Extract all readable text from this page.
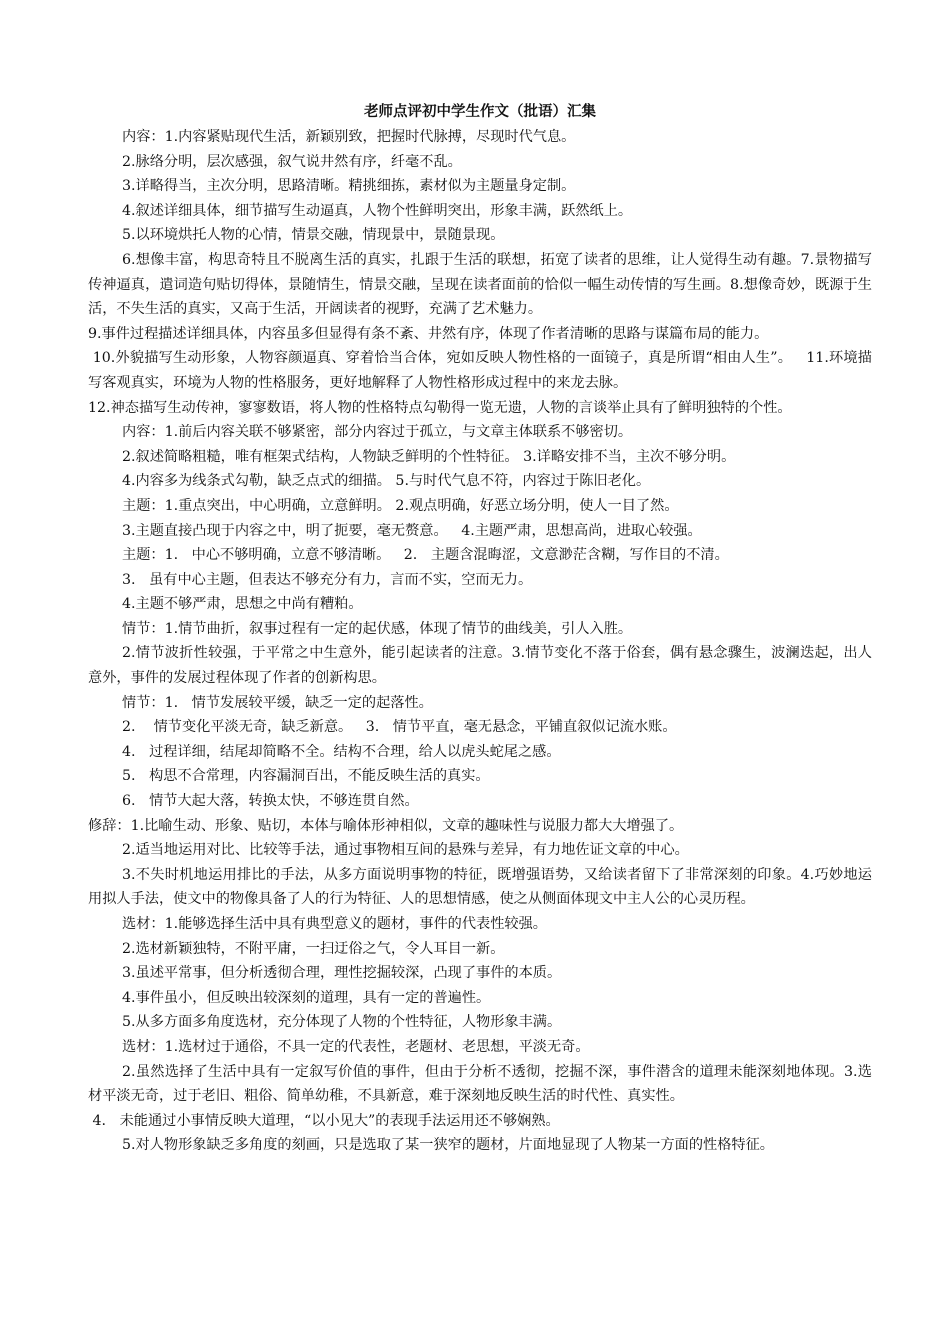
老师点评初中学生作文（批语）汇集

内容：1.内容紧贴现代生活，新颖别致，把握时代脉搏，尽现时代气息。

2.脉络分明，层次感强，叙气说井然有序，纤毫不乱。

3.详略得当，主次分明，思路清晰。精挑细拣，素材似为主题量身定制。

4.叙述详细具体，细节描写生动逼真，人物个性鲜明突出，形象丰满，跃然纸上。

5.以环境烘托人物的心情，情景交融，情现景中，景随景现。

6.想像丰富，构思奇特且不脱离生活的真实，扎跟于生活的联想，拓宽了读者的思维，让人觉得生动有趣。7.景物描写传神逼真，遣词造句贴切得体，景随情生，情景交融，呈现在读者面前的恰似一幅生动传情的写生画。8.想像奇妙，既源于生活，不失生活的真实，又高于生活，开阔读者的视野，充满了艺术魅力。

9.事件过程描述详细具体，内容虽多但显得有条不紊、井然有序，体现了作者清晰的思路与谋篇布局的能力。

10.外貌描写生动形象，人物容颜逼真、穿着恰当合体，宛如反映人物性格的一面镜子，真是所谓“相由人生”。   11.环境描写客观真实，环境为人物的性格服务，更好地解释了人物性格形成过程中的来龙去脉。

12.神态描写生动传神，寥寥数语，将人物的性格特点勾勒得一览无遗，人物的言谈举止具有了鲜明独特的个性。

内容：1.前后内容关联不够紧密，部分内容过于孤立，与文章主体联系不够密切。

2.叙述简略粗糙，唯有框架式结构，人物缺乏鲜明的个性特征。 3.详略安排不当，主次不够分明。

4.内容多为线条式勾勒，缺乏点式的细描。 5.与时代气息不符，内容过于陈旧老化。

主题：1.重点突出，中心明确，立意鲜明。 2.观点明确，好恶立场分明，使人一目了然。

3.主题直接凸现于内容之中，明了扼要，毫无赘意。   4.主题严肃，思想高尚，进取心较强。

主题：1.   中心不够明确，立意不够清晰。   2.   主题含混晦涩，文意渺茫含糊，写作目的不清。

3.   虽有中心主题，但表达不够充分有力，言而不实，空而无力。

4.主题不够严肃，思想之中尚有糟粕。

情节：1.情节曲折，叙事过程有一定的起伏感，体现了情节的曲线美，引人入胜。

2.情节波折性较强，于平常之中生意外，能引起读者的注意。3.情节变化不落于俗套，偶有悬念骤生，波澜迭起，出人意外，事件的发展过程体现了作者的创新构思。

情节：1.   情节发展较平缓，缺乏一定的起落性。

2.    情节变化平淡无奇，缺乏新意。   3.   情节平直，毫无悬念，平铺直叙似记流水账。

4.   过程详细，结尾却简略不全。结构不合理，给人以虎头蛇尾之感。

5.   构思不合常理，内容漏洞百出，不能反映生活的真实。

6.   情节大起大落，转换太快，不够连贯自然。

修辞：1.比喻生动、形象、贴切，本体与喻体形神相似，文章的趣味性与说服力都大大增强了。

2.适当地运用对比、比较等手法，通过事物相互间的悬殊与差异，有力地佐证文章的中心。

3.不失时机地运用排比的手法，从多方面说明事物的特征，既增强语势，又给读者留下了非常深刻的印象。4.巧妙地运用拟人手法，使文中的物像具备了人的行为特征、人的思想情感，使之从侧面体现文中主人公的心灵历程。

选材：1.能够选择生活中具有典型意义的题材，事件的代表性较强。

2.选材新颖独特，不附平庸，一扫迂俗之气，令人耳目一新。

3.虽述平常事，但分析透彻合理，理性挖掘较深，凸现了事件的本质。

4.事件虽小，但反映出较深刻的道理，具有一定的普遍性。

5.从多方面多角度选材，充分体现了人物的个性特征，人物形象丰满。

选材：1.选材过于通俗，不具一定的代表性，老题材、老思想，平淡无奇。

2.虽然选择了生活中具有一定叙写价值的事件，但由于分析不透彻，挖掘不深，事件潜含的道理未能深刻地体现。3.选材平淡无奇，过于老旧、粗俗、简单幼稚，不具新意，难于深刻地反映生活的时代性、真实性。

4.   未能通过小事情反映大道理，“以小见大”的表现手法运用还不够娴熟。

5.对人物形象缺乏多角度的刻画，只是选取了某一狭窄的题材，片面地显现了人物某一方面的性格特征。
